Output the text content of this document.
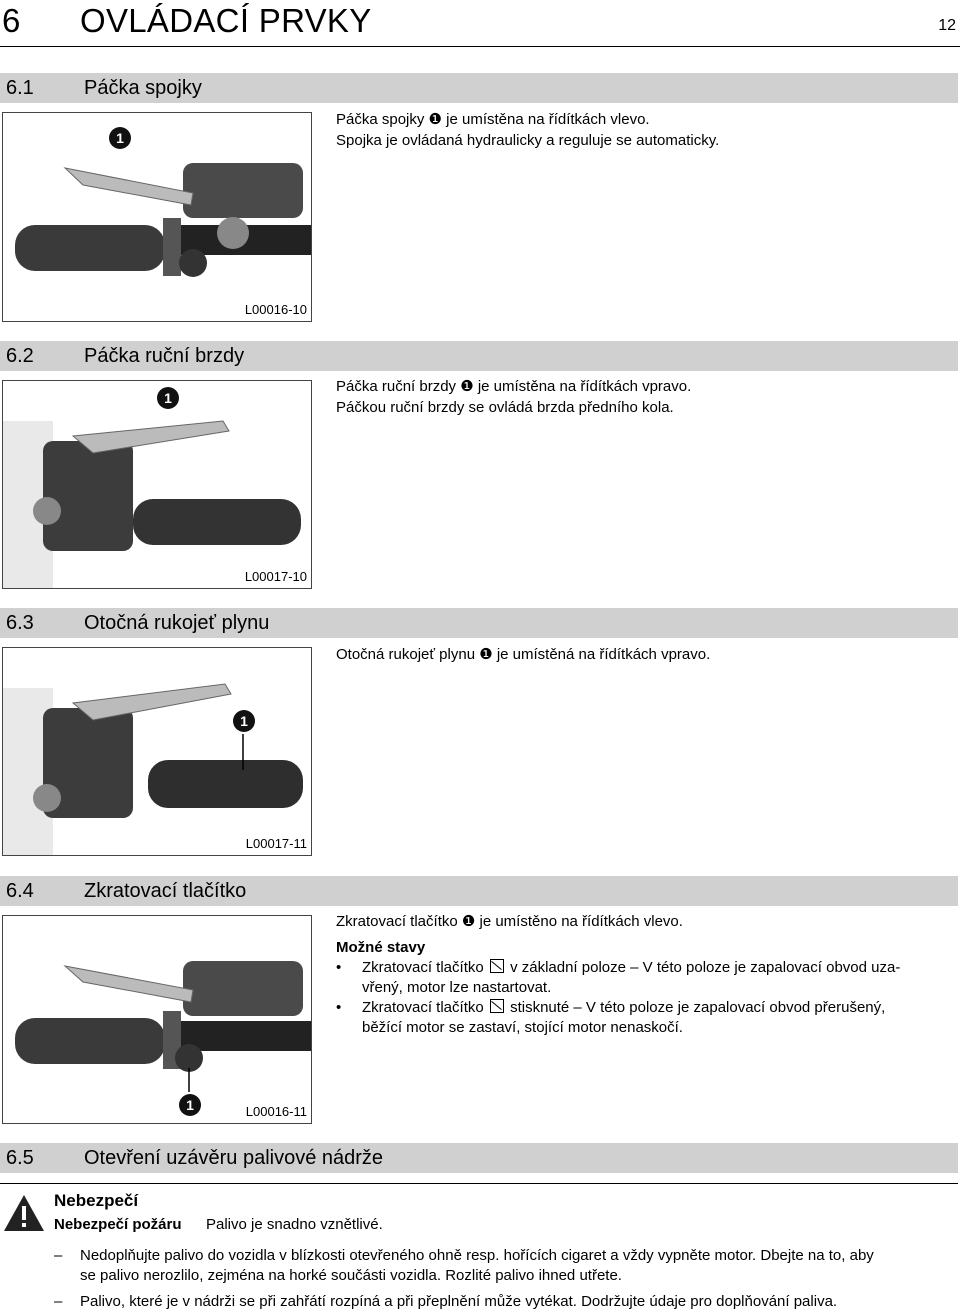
6 OVLÁDACÍ PRVKY	12
6.1	Páčka spojky
1
L00016-10
Páčka spojky ❶ je umístěna na řídítkách vlevo.
Spojka je ovládaná hydraulicky a reguluje se automaticky.
6.2	Páčka ruční brzdy
1
L00017-10
Páčka ruční brzdy ❶ je umístěna na řídítkách vpravo.
Páčkou ruční brzdy se ovládá brzda předního kola.
6.3	Otočná rukojeť plynu
1
L00017-11
Otočná rukojeť plynu ❶ je umístěná na řídítkách vpravo.
6.4	Zkratovací tlačítko
1	L00016-11
Zkratovací tlačítko ❶ je umístěno na řídítkách vlevo.
Možné stavy
• Zkratovací tlačítko v základní poloze – V této poloze je zapalovací obvod uza-
vřený, motor lze nastartovat.
• Zkratovací tlačítko stisknuté – V této poloze je zapalovací obvod přerušený,
běžící motor se zastaví, stojící motor nenaskočí.
6.5	Otevření uzávěru palivové nádrže
Nebezpečí
Nebezpečí požáru Palivo je snadno vznětlivé.
– Nedoplňujte palivo do vozidla v blízkosti otevřeného ohně resp. hořících cigaret a vždy vypněte motor. Dbejte na to, aby
se palivo nerozlilo, zejména na horké součásti vozidla. Rozlité palivo ihned utřete.
– Palivo, které je v nádrži se při zahřátí rozpíná a při přeplnění může vytékat. Dodržujte údaje pro doplňování paliva.
